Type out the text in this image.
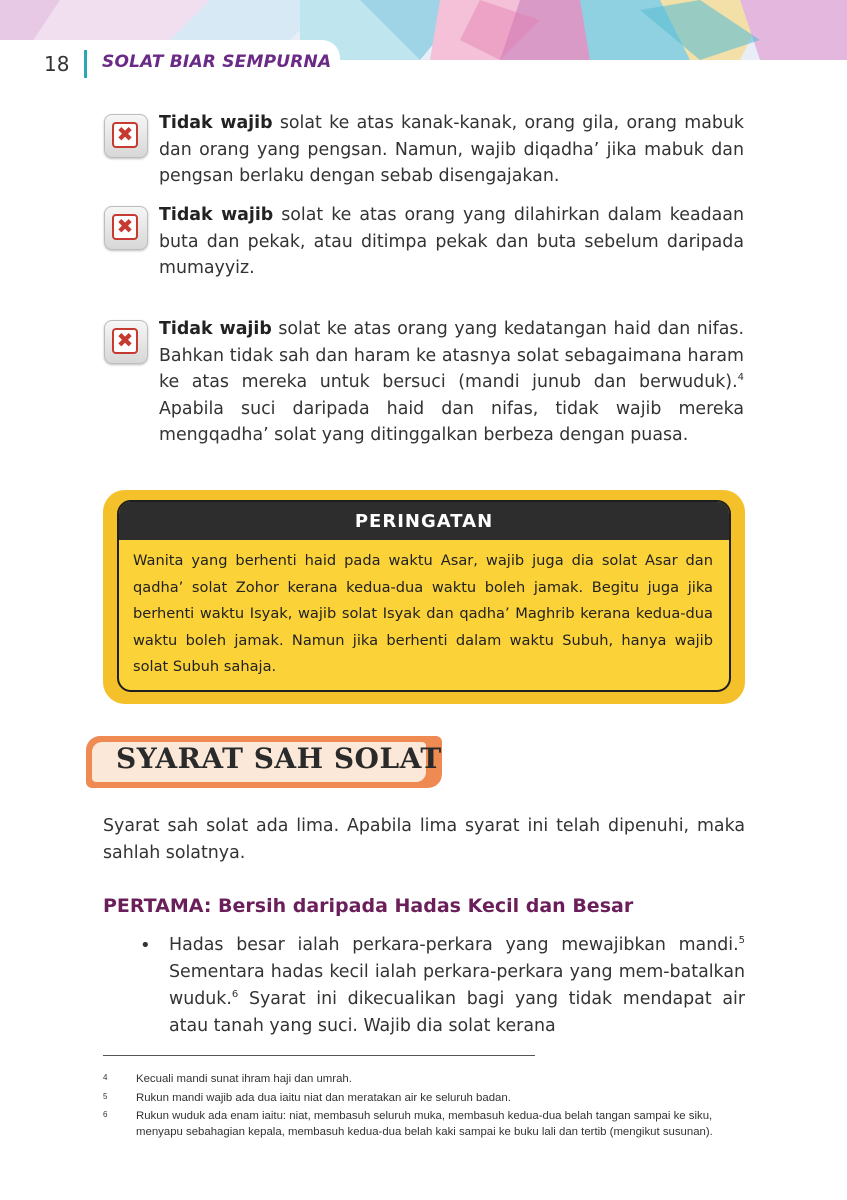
18 SOLAT BIAR SEMPURNA
✖ Tidak wajib solat ke atas kanak-kanak, orang gila, orang mabuk dan orang yang pengsan. Namun, wajib diqadha’ jika mabuk dan pengsan berlaku dengan sebab disengajakan.
✖ Tidak wajib solat ke atas orang yang dilahirkan dalam keadaan buta dan pekak, atau ditimpa pekak dan buta sebelum daripada mumayyiz.
✖ Tidak wajib solat ke atas orang yang kedatangan haid dan nifas. Bahkan tidak sah dan haram ke atasnya solat sebagaimana haram ke atas mereka untuk bersuci (mandi junub dan berwuduk).$^4$ Apabila suci daripada haid dan nifas, tidak wajib mereka mengqadha’ solat yang ditinggalkan berbeza dengan puasa.
PERINGATAN
Wanita yang berhenti haid pada waktu Asar, wajib juga dia solat Asar dan qadha’ solat Zohor kerana kedua-dua waktu boleh jamak. Begitu juga jika berhenti waktu Isyak, wajib solat Isyak dan qadha’ Maghrib kerana kedua-dua waktu boleh jamak. Namun jika berhenti dalam waktu Subuh, hanya wajib solat Subuh sahaja.
SYARAT SAH SOLAT
Syarat sah solat ada lima. Apabila lima syarat ini telah dipenuhi, maka sahlah solatnya.
PERTAMA: Bersih daripada Hadas Kecil dan Besar
• Hadas besar ialah perkara-perkara yang mewajibkan mandi.$^5$ Sementara hadas kecil ialah perkara-perkara yang mem-batalkan wuduk.$^6$ Syarat ini dikecualikan bagi yang tidak mendapat air atau tanah yang suci. Wajib dia solat kerana
4	Kecuali mandi sunat ihram haji dan umrah.
5	Rukun mandi wajib ada dua iaitu niat dan meratakan air ke seluruh badan.
6	Rukun wuduk ada enam iaitu: niat, membasuh seluruh muka, membasuh kedua-dua belah tangan sampai ke siku, menyapu sebahagian kepala, membasuh kedua-dua belah kaki sampai ke buku lali dan tertib (mengikut susunan).
